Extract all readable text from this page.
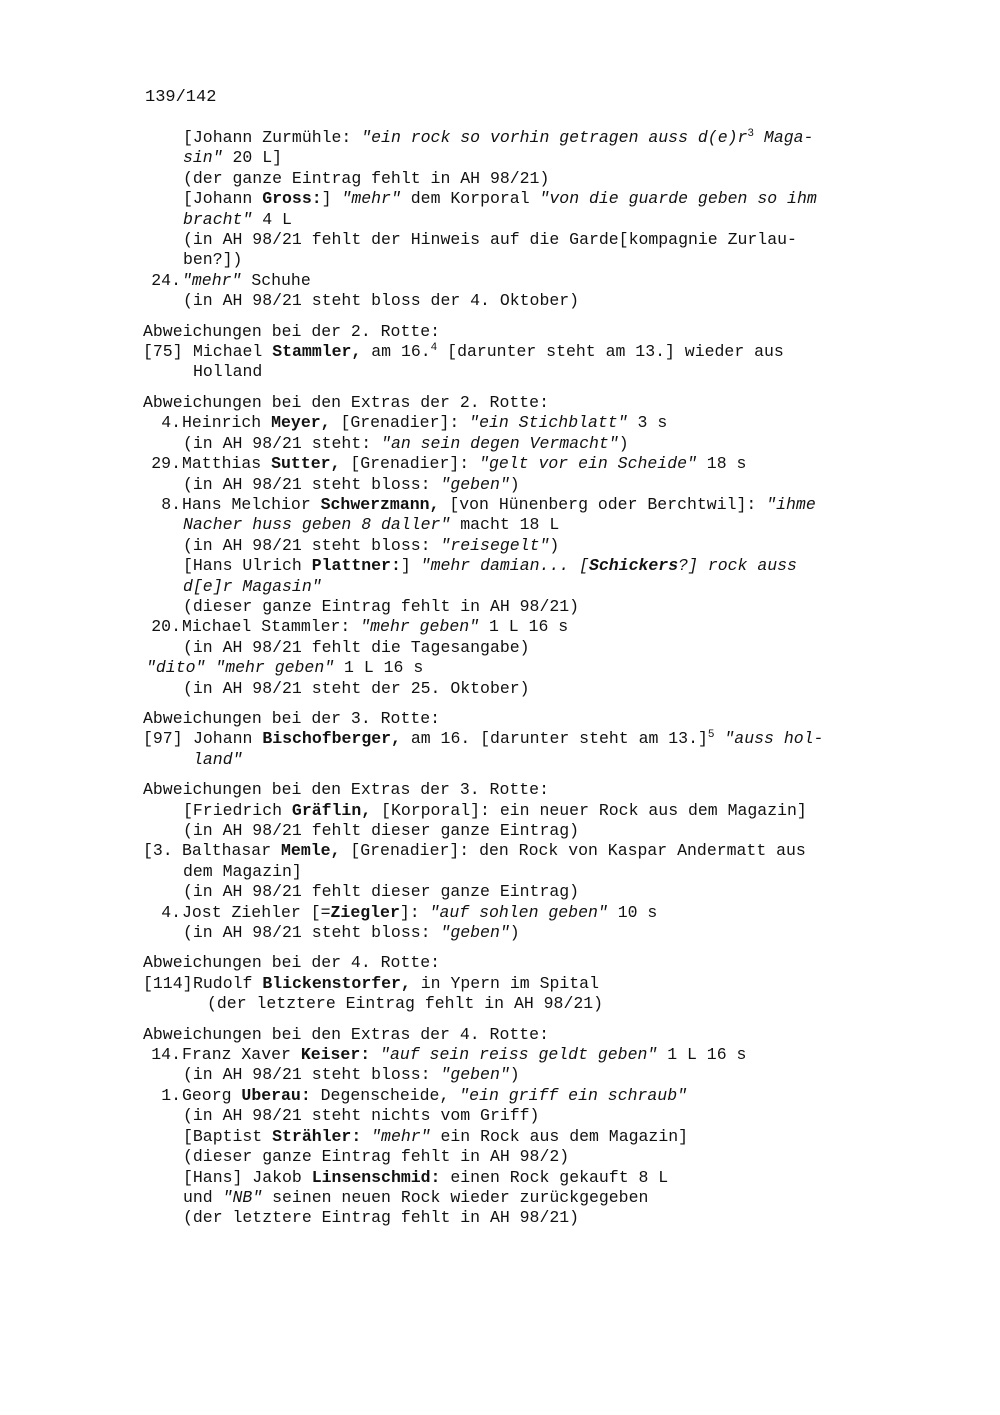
139/142
[Johann Zurmühle: "ein rock so vorhin getragen auss $d(e)r^3$ Maga-
sin" 20 L]
(der ganze Eintrag fehlt in AH 98/21)
[Johann Gross:] "mehr" dem Korporal "von die guarde geben so ihm
bracht" 4 L
(in AH 98/21 fehlt der Hinweis auf die Garde[kompagnie Zurlau-
ben?])
24. "mehr" Schuhe
(in AH 98/21 steht bloss der 4. Oktober)
Abweichungen bei der 2. Rotte:
[75] Michael Stammler, am 16.$^4$ [darunter steht am 13.] wieder aus
Holland
Abweichungen bei den Extras der 2. Rotte:
4. Heinrich Meyer, [Grenadier]: "ein Stichblatt" 3 s
(in AH 98/21 steht: "an sein degen Vermacht")
29. Matthias Sutter, [Grenadier]: "gelt vor ein Scheide" 18 s
(in AH 98/21 steht bloss: "geben")
8. Hans Melchior Schwerzmann, [von Hünenberg oder Berchtwil]: "ihme
Nacher huss geben 8 daller" macht 18 L
(in AH 98/21 steht bloss: "reisegelt")
[Hans Ulrich Plattner:] "mehr damian... [Schickers?] rock auss
d[e]r Magasin"
(dieser ganze Eintrag fehlt in AH 98/21)
20. Michael Stammler: "mehr geben" 1 L 16 s
(in AH 98/21 fehlt die Tagesangabe)
"dito" "mehr geben" 1 L 16 s
(in AH 98/21 steht der 25. Oktober)
Abweichungen bei der 3. Rotte:
[97] Johann Bischofberger, am 16. [darunter steht am 13.]$^5$ "auss hol-
land"
Abweichungen bei den Extras der 3. Rotte:
[Friedrich Gräflin, [Korporal]: ein neuer Rock aus dem Magazin]
(in AH 98/21 fehlt dieser ganze Eintrag)
[3. Balthasar Memle, [Grenadier]: den Rock von Kaspar Andermatt aus
dem Magazin]
(in AH 98/21 fehlt dieser ganze Eintrag)
4. Jost Ziehler [=Ziegler]: "auf sohlen geben" 10 s
(in AH 98/21 steht bloss: "geben")
Abweichungen bei der 4. Rotte:
[114] Rudolf Blickenstorfer, in Ypern im Spital
(der letztere Eintrag fehlt in AH 98/21)
Abweichungen bei den Extras der 4. Rotte:
14. Franz Xaver Keiser: "auf sein reiss geldt geben" 1 L 16 s
(in AH 98/21 steht bloss: "geben")
1. Georg Uberau: Degenscheide, "ein griff ein schraub"
(in AH 98/21 steht nichts vom Griff)
[Baptist Strähler: "mehr" ein Rock aus dem Magazin]
(dieser ganze Eintrag fehlt in AH 98/2)
[Hans] Jakob Linsenschmid: einen Rock gekauft 8 L
und "NB" seinen neuen Rock wieder zurückgegeben
(der letztere Eintrag fehlt in AH 98/21)
